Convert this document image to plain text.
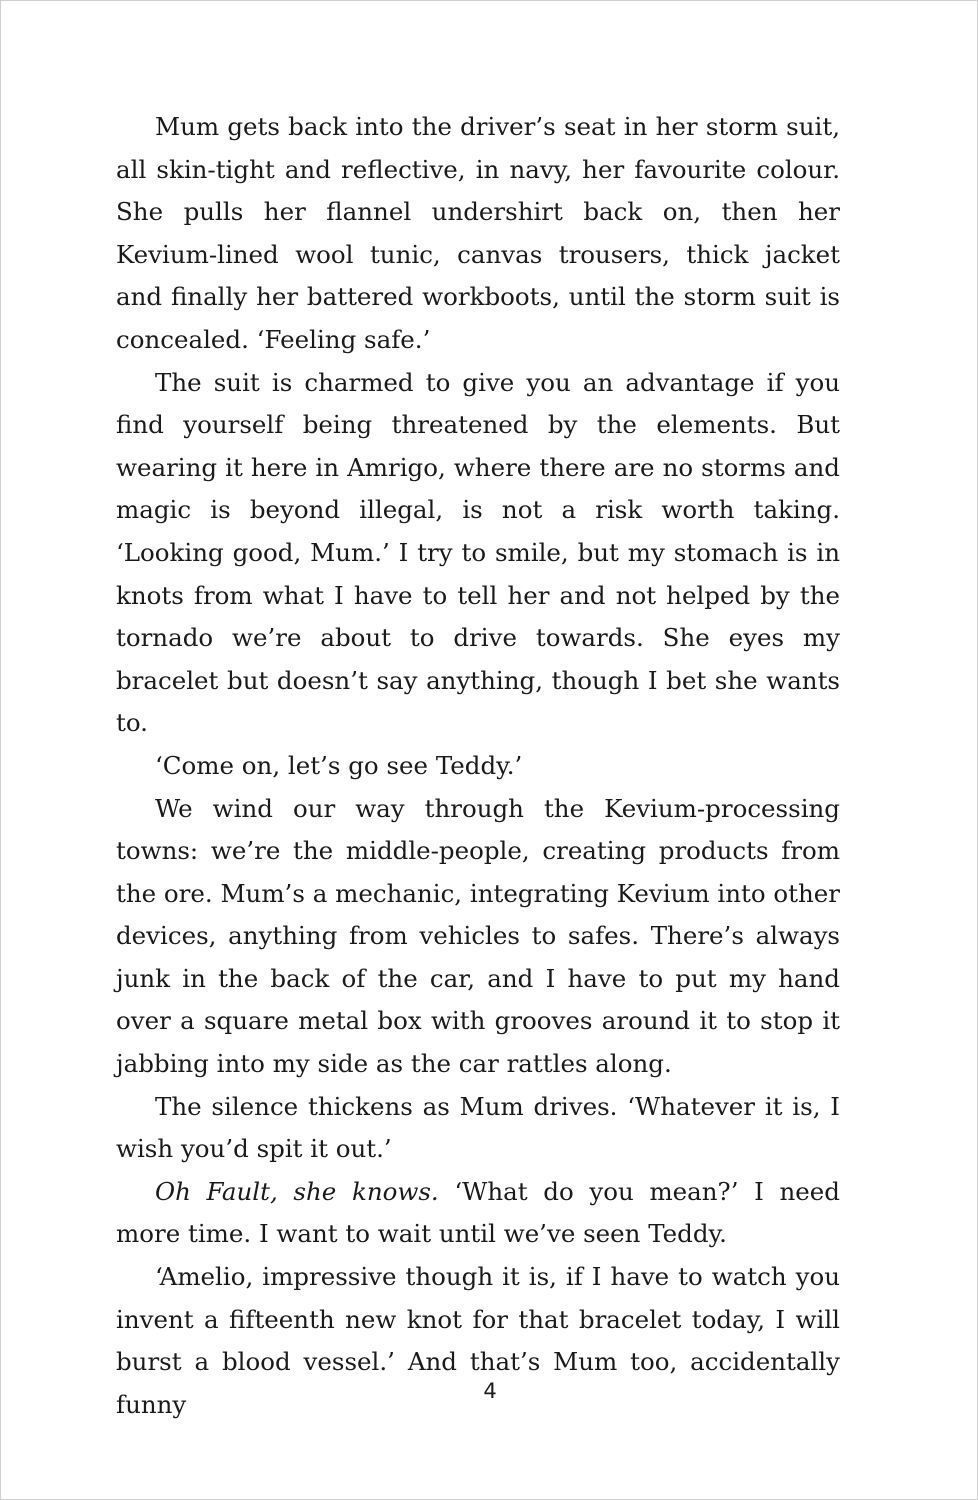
Mum gets back into the driver’s seat in her storm suit, all skin-tight and reflective, in navy, her favourite colour. She pulls her flannel undershirt back on, then her Kevium-lined wool tunic, canvas trousers, thick jacket and finally her battered workboots, until the storm suit is concealed. ‘Feeling safe.’

The suit is charmed to give you an advantage if you find yourself being threatened by the elements. But wearing it here in Amrigo, where there are no storms and magic is beyond illegal, is not a risk worth taking. ‘Looking good, Mum.’ I try to smile, but my stomach is in knots from what I have to tell her and not helped by the tornado we’re about to drive towards. She eyes my bracelet but doesn’t say anything, though I bet she wants to.

‘Come on, let’s go see Teddy.’

We wind our way through the Kevium-processing towns: we’re the middle-people, creating products from the ore. Mum’s a mechanic, integrating Kevium into other devices, anything from vehicles to safes. There’s always junk in the back of the car, and I have to put my hand over a square metal box with grooves around it to stop it jabbing into my side as the car rattles along.

The silence thickens as Mum drives. ‘Whatever it is, I wish you’d spit it out.’

Oh Fault, she knows. ‘What do you mean?’ I need more time. I want to wait until we’ve seen Teddy.

‘Amelio, impressive though it is, if I have to watch you invent a fifteenth new knot for that bracelet today, I will burst a blood vessel.’ And that’s Mum too, accidentally funny	4
